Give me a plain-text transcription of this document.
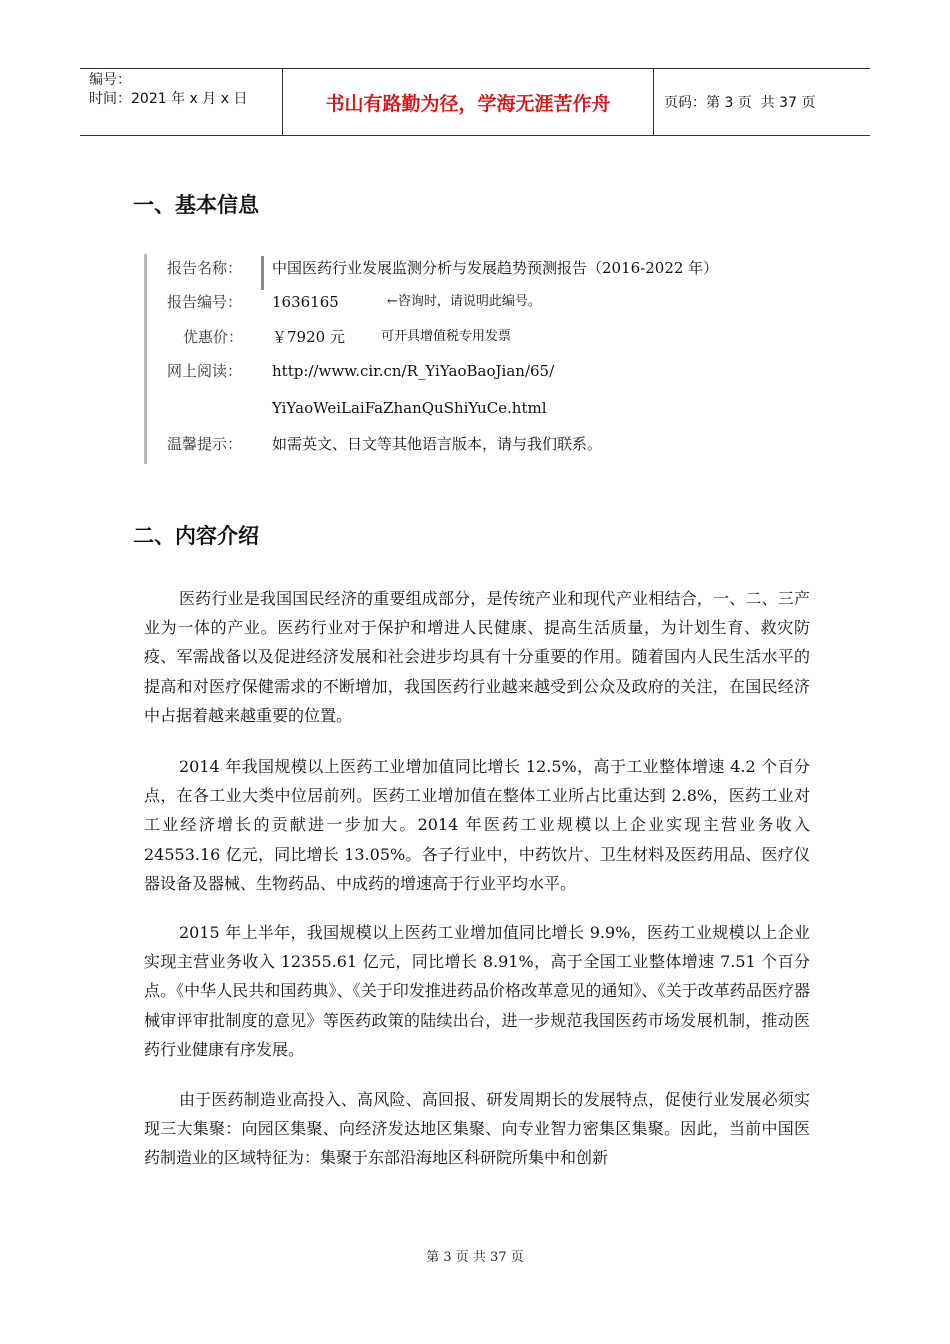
编号：
时间：2021 年 x 月 x 日	书山有路勤为径，学海无涯苦作舟	页码：第 3 页  共 37 页
一、基本信息
报告名称：	中国医药行业发展监测分析与发展趋势预测报告（2016-2022 年）
报告编号：	1636165	←咨询时，请说明此编号。
优惠价：	￥7920 元	可开具增值税专用发票
网上阅读：	http://www.cir.cn/R_YiYaoBaoJian/65/
YiYaoWeiLaiFaZhanQuShiYuCe.html
温馨提示：	如需英文、日文等其他语言版本，请与我们联系。
二、内容介绍

医药行业是我国国民经济的重要组成部分，是传统产业和现代产业相结合，一、二、三产业为一体的产业。医药行业对于保护和增进人民健康、提高生活质量，为计划生育、救灾防疫、军需战备以及促进经济发展和社会进步均具有十分重要的作用。随着国内人民生活水平的提高和对医疗保健需求的不断增加，我国医药行业越来越受到公众及政府的关注，在国民经济中占据着越来越重要的位置。

2014 年我国规模以上医药工业增加值同比增长 12.5%，高于工业整体增速 4.2 个百分点，在各工业大类中位居前列。医药工业增加值在整体工业所占比重达到 2.8%，医药工业对工业经济增长的贡献进一步加大。2014 年医药工业规模以上企业实现主营业务收入 24553.16 亿元，同比增长 13.05%。各子行业中，中药饮片、卫生材料及医药用品、医疗仪器设备及器械、生物药品、中成药的增速高于行业平均水平。

2015 年上半年，我国规模以上医药工业增加值同比增长 9.9%，医药工业规模以上企业实现主营业务收入 12355.61 亿元，同比增长 8.91%，高于全国工业整体增速 7.51 个百分点。《中华人民共和国药典》、《关于印发推进药品价格改革意见的通知》、《关于改革药品医疗器械审评审批制度的意见》等医药政策的陆续出台，进一步规范我国医药市场发展机制，推动医药行业健康有序发展。

由于医药制造业高投入、高风险、高回报、研发周期长的发展特点，促使行业发展必须实现三大集聚：向园区集聚、向经济发达地区集聚、向专业智力密集区集聚。因此，当前中国医药制造业的区域特征为：集聚于东部沿海地区科研院所集中和创新

第 3 页 共 37 页
